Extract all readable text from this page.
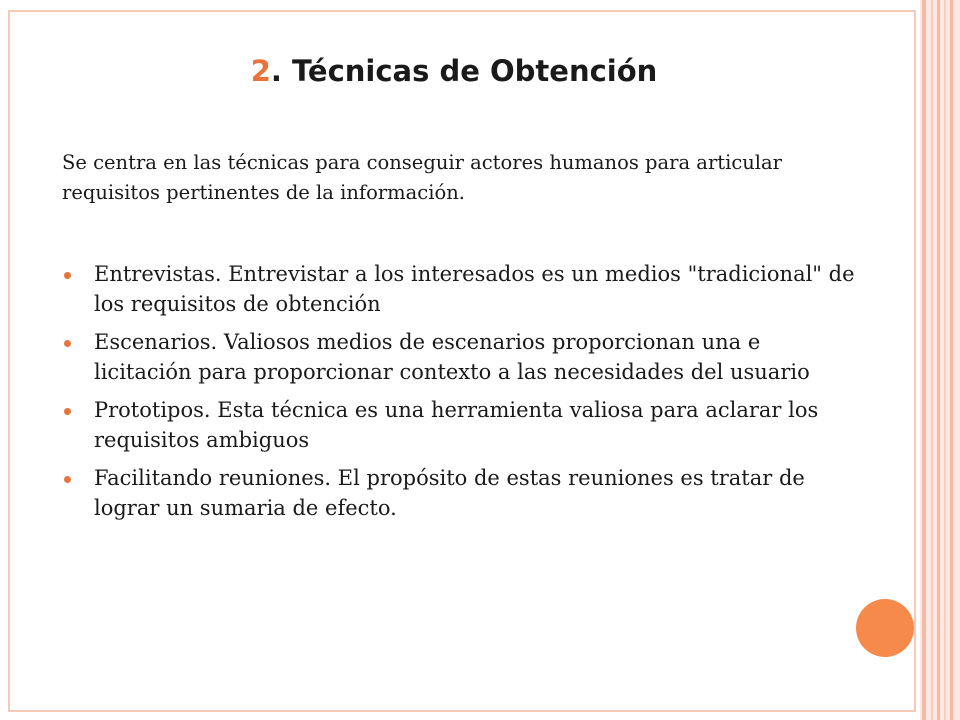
2. Técnicas de Obtención

Se centra en las técnicas para conseguir actores humanos para articular requisitos pertinentes de la información.

Entrevistas. Entrevistar a los interesados es un medios "tradicional" de los requisitos de obtención
Escenarios. Valiosos medios de escenarios proporcionan una e licitación para proporcionar contexto a las necesidades del usuario
Prototipos. Esta técnica es una herramienta valiosa para aclarar los requisitos ambiguos
Facilitando reuniones. El propósito de estas reuniones es tratar de lograr un sumaria de efecto.
